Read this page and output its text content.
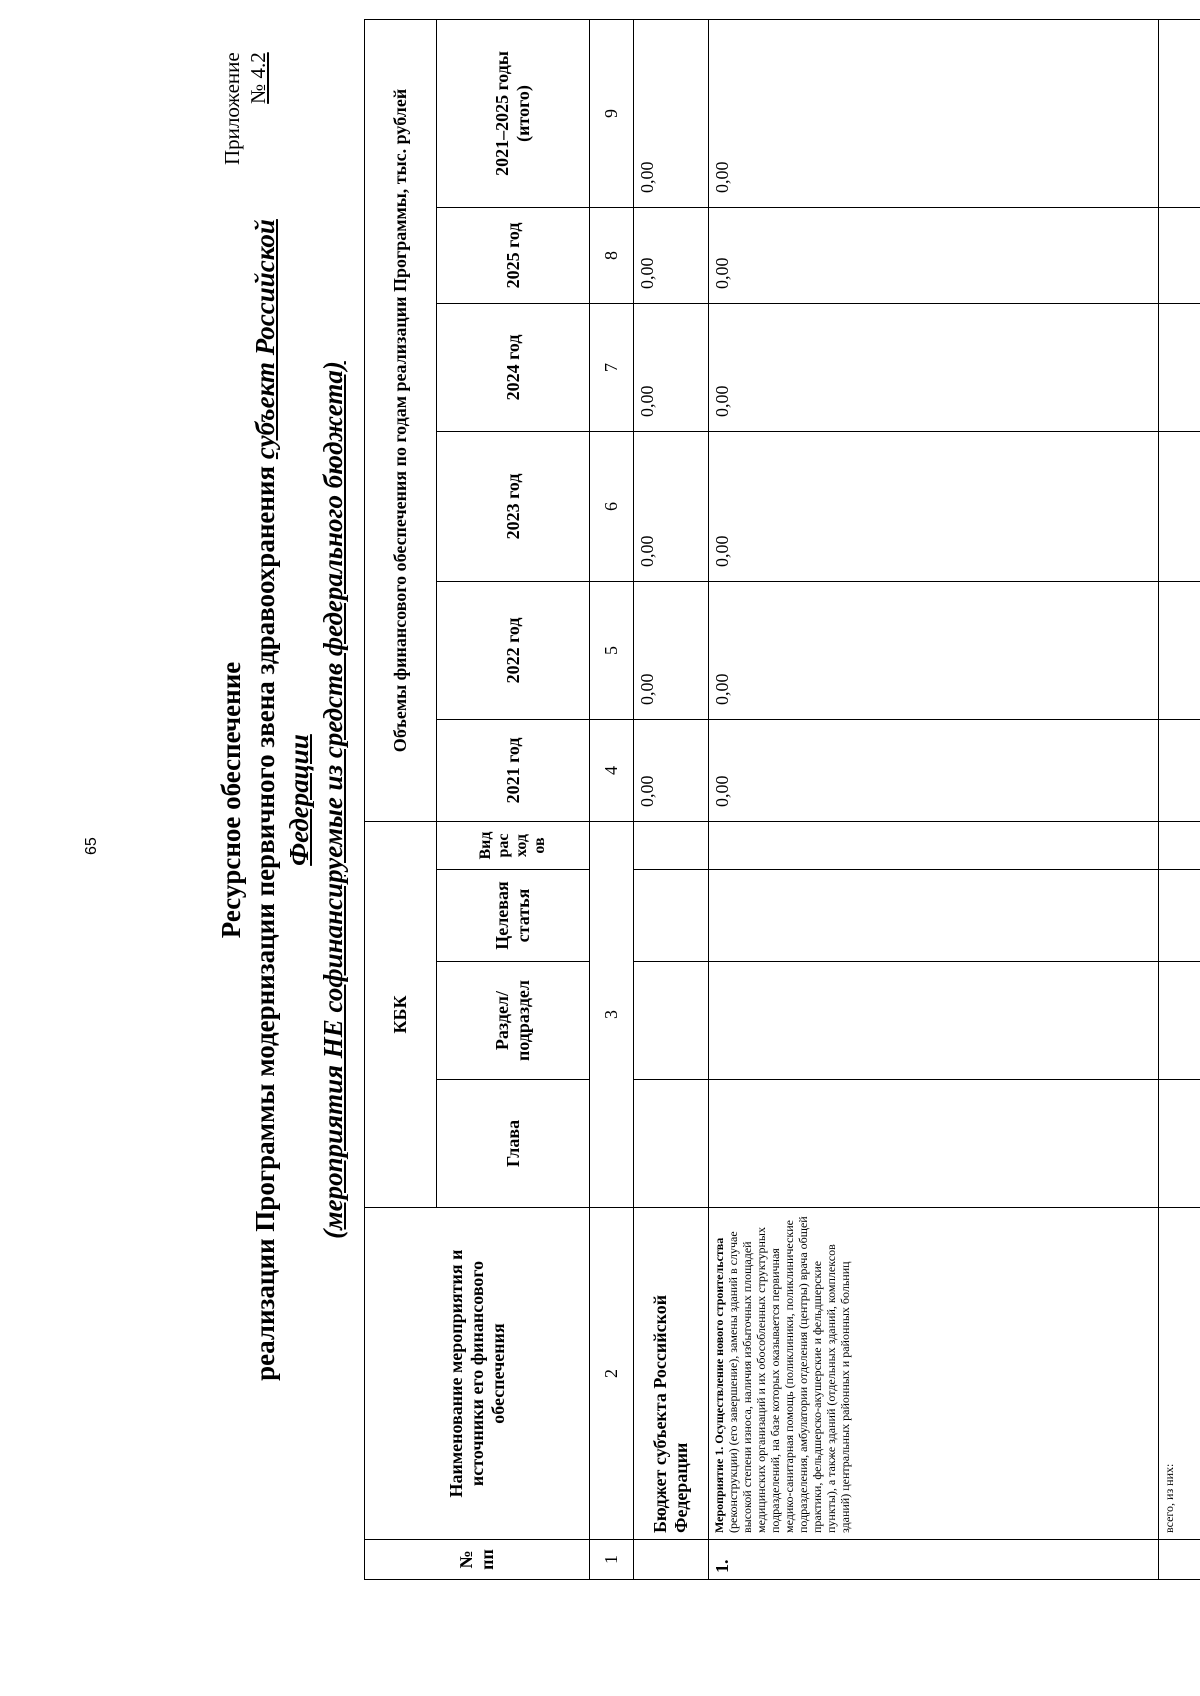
65
Приложение № 4.2
Ресурсное обеспечение реализации Программы модернизации первичного звена здравоохранения субъект Российской
Федерации (мероприятия НЕ софинансируемые из средств федерального бюджета)
№ пп	Наименование мероприятия и источники его финансового обеспечения	КБК				Объемы финансового обеспечения по годам реализации Программы, тыс. рублей					
		Глава	Раздел/ подраздел	Целевая статья	Вид рас ход ов	2021 год	2022 год	2023 год	2024 год	2025 год	2021–2025 годы (итого)
1	2	3				4	5	6	7	8	9
	Бюджет субъекта Российской Федерации					0,00	0,00	0,00	0,00	0,00	0,00
1.	Мероприятие 1. Осуществление нового строительства (реконструкции) (его завершение), замены зданий в случае высокой степени износа, наличия избыточных площадей медицинских организаций и их обособленных структурных подразделений, на базе которых оказывается первичная медико-санитарная помощь (поликлиники, поликлинические подразделения, амбулатории отделения (центры) врача общей практики, фельдшерско-акушерские и фельдшерские пункты), а также зданий (отдельных зданий, комплексов зданий) центральных районных и районных больниц					0,00	0,00	0,00	0,00	0,00	0,00
	всего, из них:										
